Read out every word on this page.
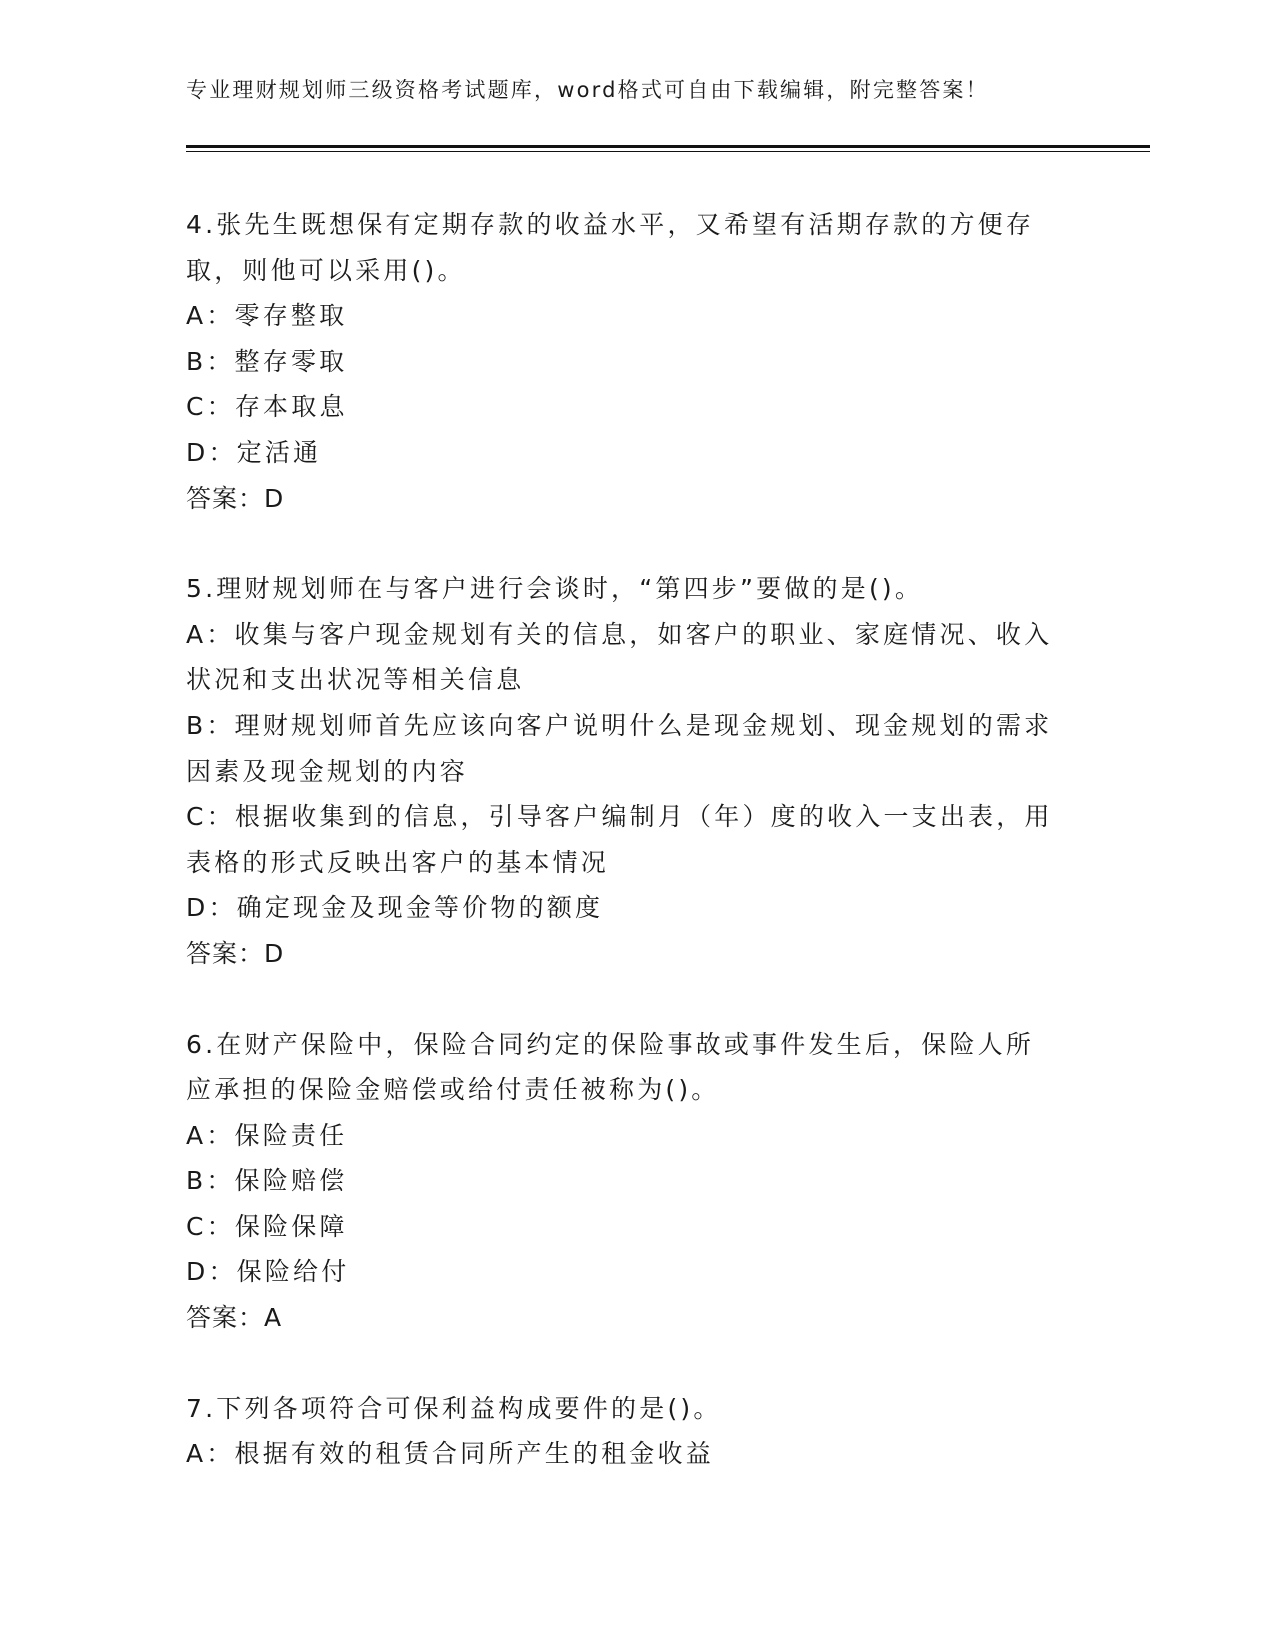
专业理财规划师三级资格考试题库，word格式可自由下载编辑，附完整答案！
4.张先生既想保有定期存款的收益水平，又希望有活期存款的方便存
取，则他可以采用()。
A：零存整取
B：整存零取
C：存本取息
D：定活通
答案：D
5.理财规划师在与客户进行会谈时，“第四步”要做的是()。
A：收集与客户现金规划有关的信息，如客户的职业、家庭情况、收入
状况和支出状况等相关信息
B：理财规划师首先应该向客户说明什么是现金规划、现金规划的需求
因素及现金规划的内容
C：根据收集到的信息，引导客户编制月（年）度的收入一支出表，用
表格的形式反映出客户的基本情况
D：确定现金及现金等价物的额度
答案：D
6.在财产保险中，保险合同约定的保险事故或事件发生后，保险人所
应承担的保险金赔偿或给付责任被称为()。
A：保险责任
B：保险赔偿
C：保险保障
D：保险给付
答案：A
7.下列各项符合可保利益构成要件的是()。
A：根据有效的租赁合同所产生的租金收益
